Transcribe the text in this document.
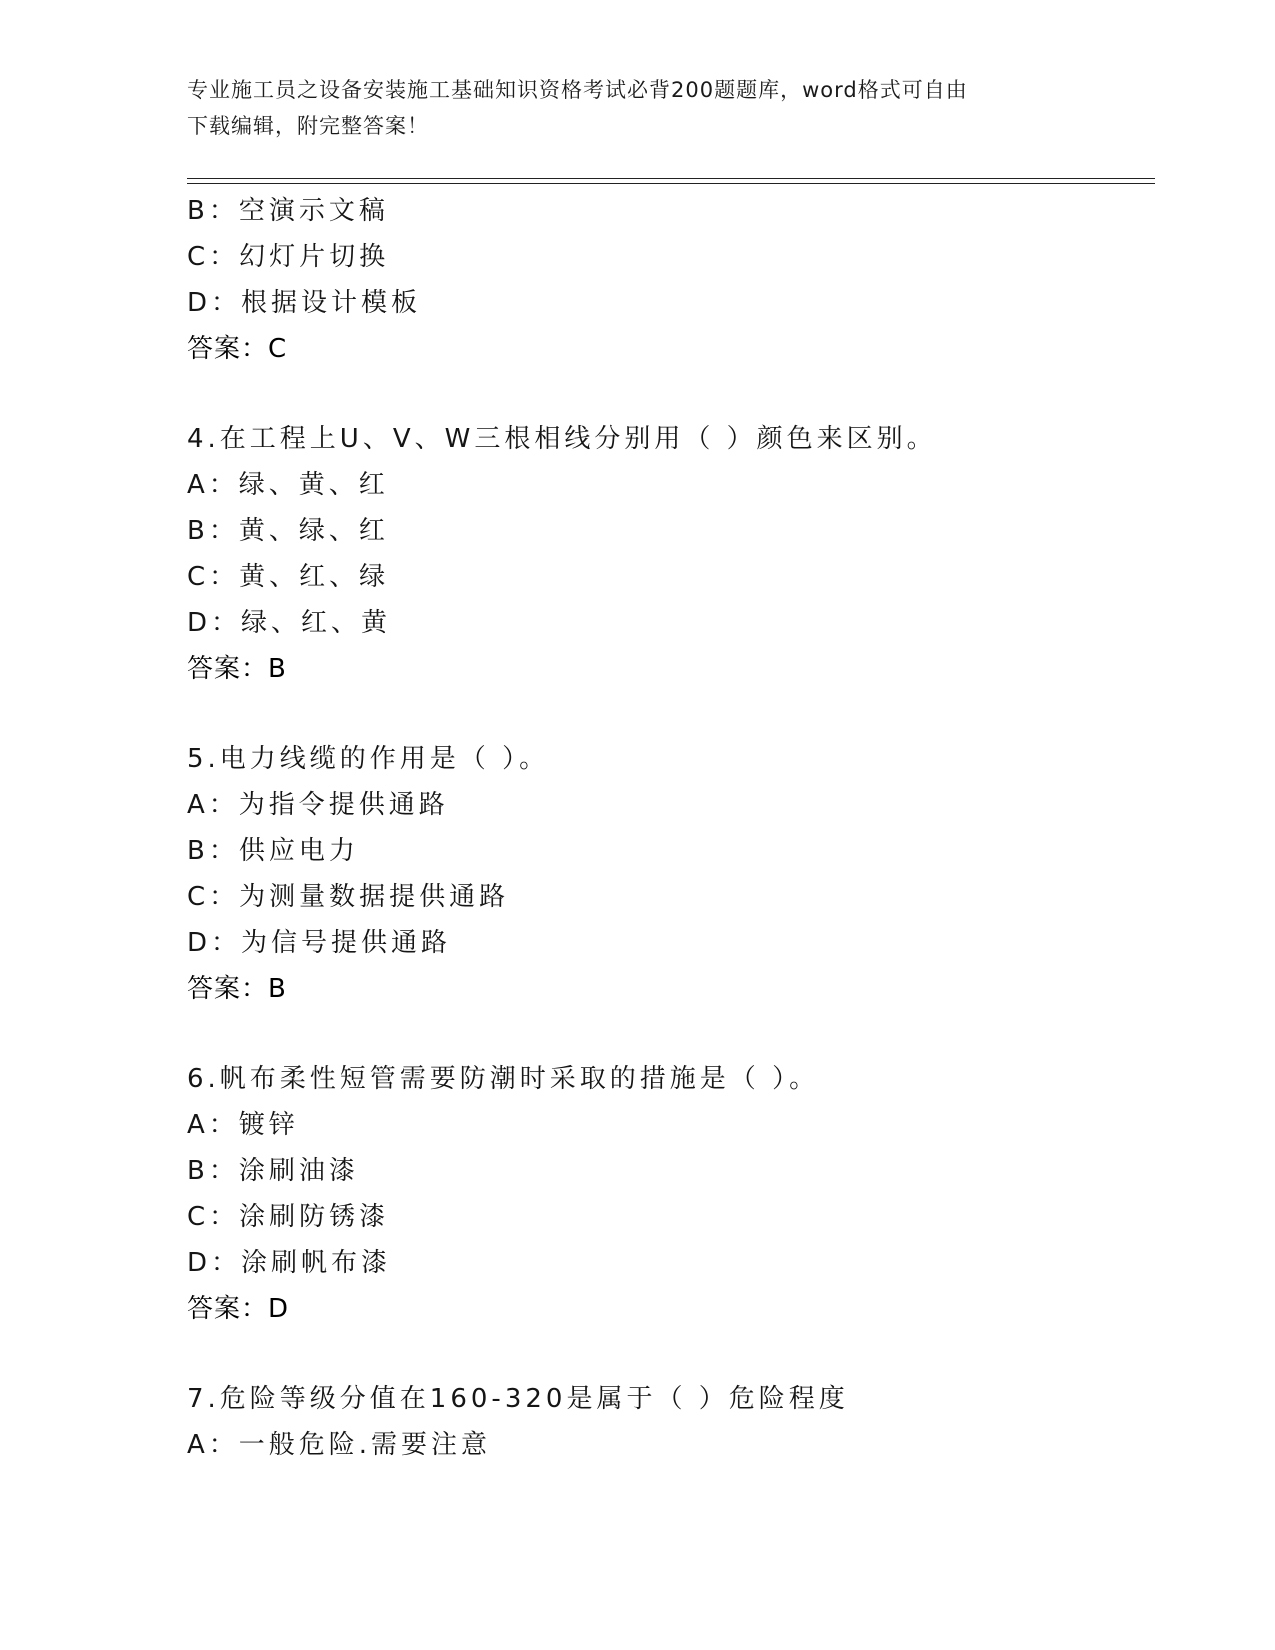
专业施工员之设备安装施工基础知识资格考试必背200题题库，word格式可自由
下载编辑，附完整答案！
B：空演示文稿
C：幻灯片切换
D：根据设计模板
答案：C
4.在工程上U、V、W三根相线分别用（ ）颜色来区别。
A：绿、黄、红
B：黄、绿、红
C：黄、红、绿
D：绿、红、黄
答案：B
5.电力线缆的作用是（ ）。
A：为指令提供通路
B：供应电力
C：为测量数据提供通路
D：为信号提供通路
答案：B
6.帆布柔性短管需要防潮时采取的措施是（ ）。
A：镀锌
B：涂刷油漆
C：涂刷防锈漆
D：涂刷帆布漆
答案：D
7.危险等级分值在160-320是属于（ ）危险程度
A：一般危险.需要注意
